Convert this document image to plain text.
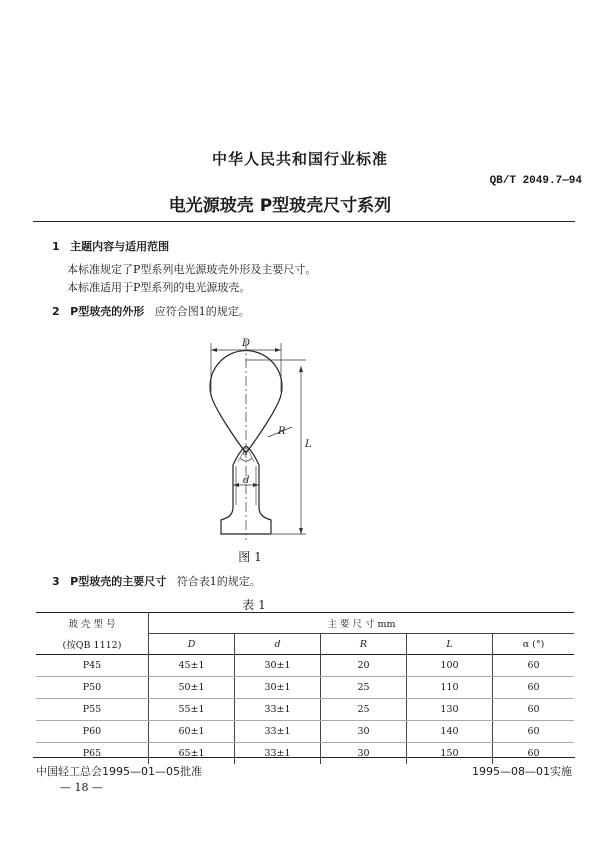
中华人民共和国行业标准
QB/T 2049.7—94
电光源玻壳 P型玻壳尺寸系列
1 主题内容与适用范围
本标准规定了P型系列电光源玻壳外形及主要尺寸。
本标准适用于P型系列的电光源玻壳。
2 P型玻壳的外形 应符合图1的规定。
D
L
R
d
α
图 1
3 P型玻壳的主要尺寸 符合表1的规定。
表 1
玻 壳 型 号	主 要 尺 寸 mm				
(按QB 1112)	D	d	R	L	α (°)
P45	45±1	30±1	20	100	60
P50	50±1	30±1	25	110	60
P55	55±1	33±1	25	130	60
P60	60±1	33±1	30	140	60
P65	65±1	33±1	30	150	60
中国轻工总会1995—01—05批准	1995—08—01实施
— 18 —
